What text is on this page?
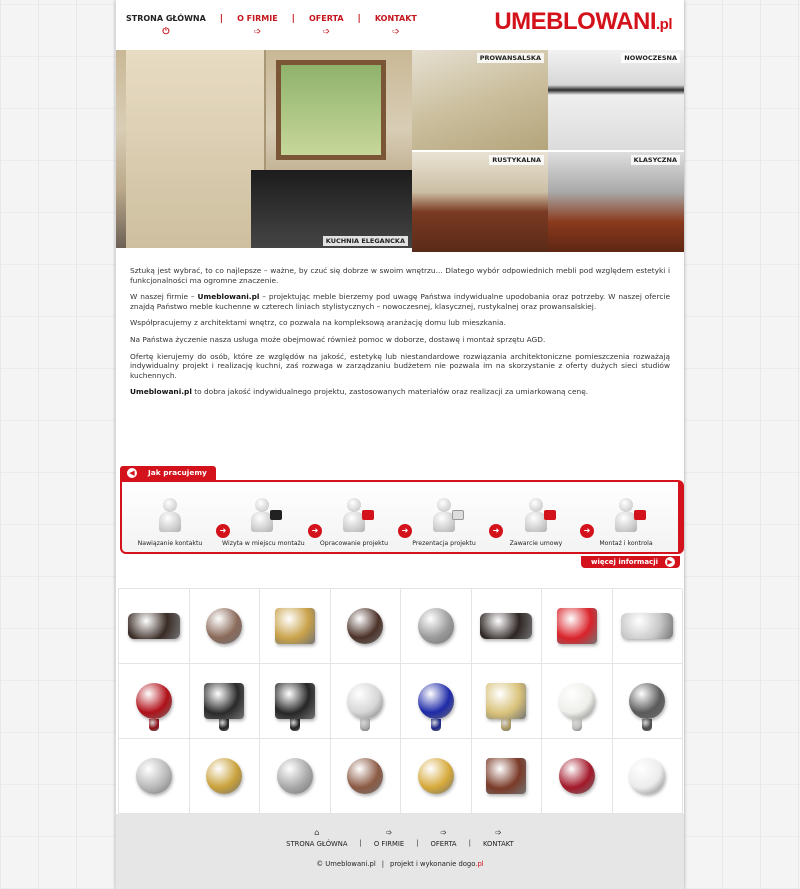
STRONA GŁÓWNA
⏻
|	O FIRMIE
➩
|	OFERTA
➩
|	KONTAKT
➩	UMEBLOWANI.pl
KUCHNIA ELEGANCKA
PROWANSALSKA	NOWOCZESNA
RUSTYKALNA	KLASYCZNA

Sztuką jest wybrać, to co najlepsze – ważne, by czuć się dobrze w swoim wnętrzu... Dlatego wybór odpowiednich mebli pod względem estetyki i funkcjonalności ma ogromne znaczenie.

W naszej firmie – Umeblowani.pl – projektując meble bierzemy pod uwagę Państwa indywidualne upodobania oraz potrzeby. W naszej ofercie znajdą Państwo meble kuchenne w czterech liniach stylistycznych – nowoczesnej, klasycznej, rustykalnej oraz prowansalskiej.

Współpracujemy z architektami wnętrz, co pozwala na kompleksową aranżację domu lub mieszkania.

Na Państwa życzenie nasza usługa może obejmować również pomoc w doborze, dostawę i montaż sprzętu AGD.

Ofertę kierujemy do osób, które ze względów na jakość, estetykę lub niestandardowe rozwiązania architektoniczne pomieszczenia rozważają indywidualny projekt i realizację kuchni, zaś rozwaga w zarządzaniu budżetem nie pozwala im na skorzystanie z oferty dużych sieci studiów kuchennych.

Umeblowani.pl to dobra jakość indywidualnego projektu, zastosowanych materiałów oraz realizacji za umiarkowaną cenę.

◀	Jak pracujemy
Nawiązanie kontaktu
➜
Wizyta w miejscu montażu
➜
Opracowanie projektu
➜
Prezentacja projektu
➜
Zawarcie umowy
➜
Montaż i kontrola
więcej informacji	▶
⌂
STRONA GŁÓWNA	|
➩
O FIRMIE	|
➩
OFERTA	|
➩
KONTAKT
© Umeblowani.pl | projekt i wykonanie dogo.pl
